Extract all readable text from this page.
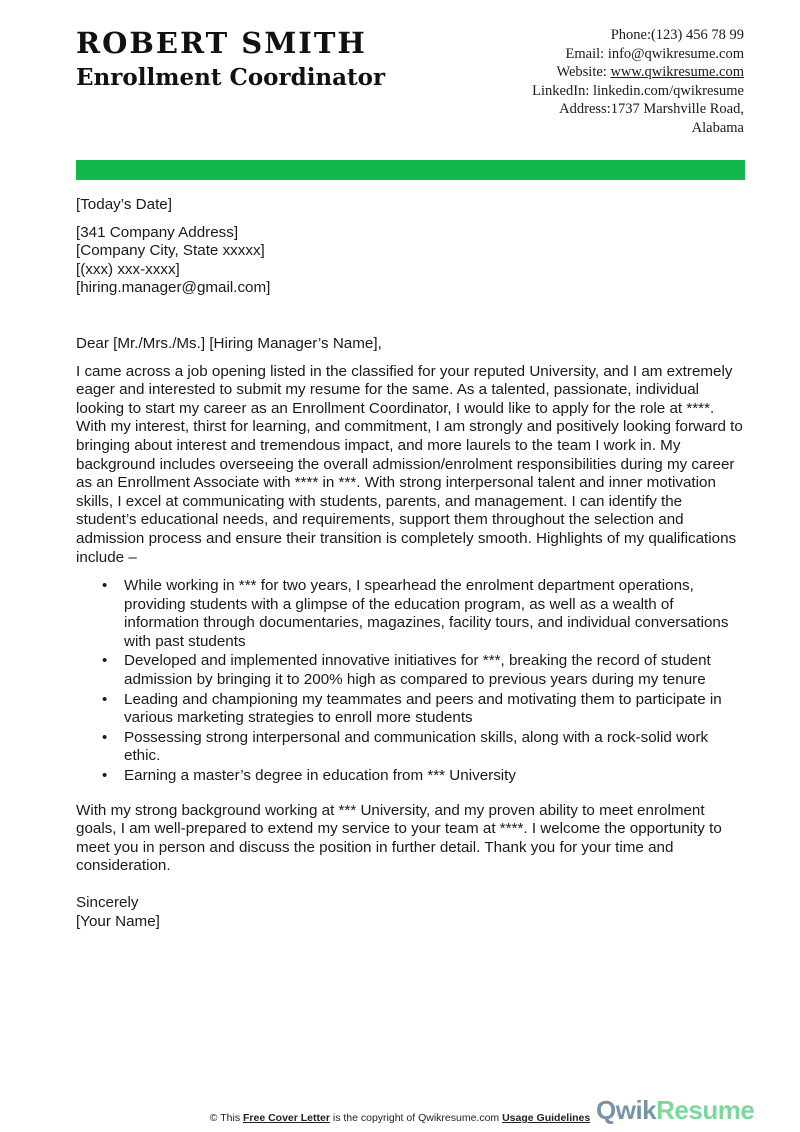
ROBERT SMITH
Enrollment Coordinator
Phone:(123) 456 78 99
Email: info@qwikresume.com
Website: www.qwikresume.com
LinkedIn: linkedin.com/qwikresume
Address:1737 Marshville Road,
Alabama

[Today’s Date]

[341 Company Address]
[Company City, State xxxxx]
[(xxx) xxx-xxxx]
[hiring.manager@gmail.com]

Dear [Mr./Mrs./Ms.] [Hiring Manager’s Name],

I came across a job opening listed in the classified for your reputed University, and I am extremely eager and interested to submit my resume for the same. As a talented, passionate, individual looking to start my career as an Enrollment Coordinator, I would like to apply for the role at ****. With my interest, thirst for learning, and commitment, I am strongly and positively looking forward to bringing about interest and tremendous impact, and more laurels to the team I work in. My background includes overseeing the overall admission/enrolment responsibilities during my career as an Enrollment Associate with **** in ***. With strong interpersonal talent and inner motivation skills, I excel at communicating with students, parents, and management. I can identify the student’s educational needs, and requirements, support them throughout the selection and admission process and ensure their transition is completely smooth. Highlights of my qualifications include –

• While working in *** for two years, I spearhead the enrolment department operations, providing students with a glimpse of the education program, as well as a wealth of information through documentaries, magazines, facility tours, and individual conversations with past students
• Developed and implemented innovative initiatives for ***, breaking the record of student admission by bringing it to 200% high as compared to previous years during my tenure
• Leading and championing my teammates and peers and motivating them to participate in various marketing strategies to enroll more students
• Possessing strong interpersonal and communication skills, along with a rock-solid work ethic.
• Earning a master’s degree in education from *** University

With my strong background working at *** University, and my proven ability to meet enrolment goals, I am well-prepared to extend my service to your team at ****. I welcome the opportunity to meet you in person and discuss the position in further detail. Thank you for your time and consideration.

Sincerely
[Your Name]

QwikResume
© This Free Cover Letter is the copyright of Qwikresume.com Usage Guidelines
